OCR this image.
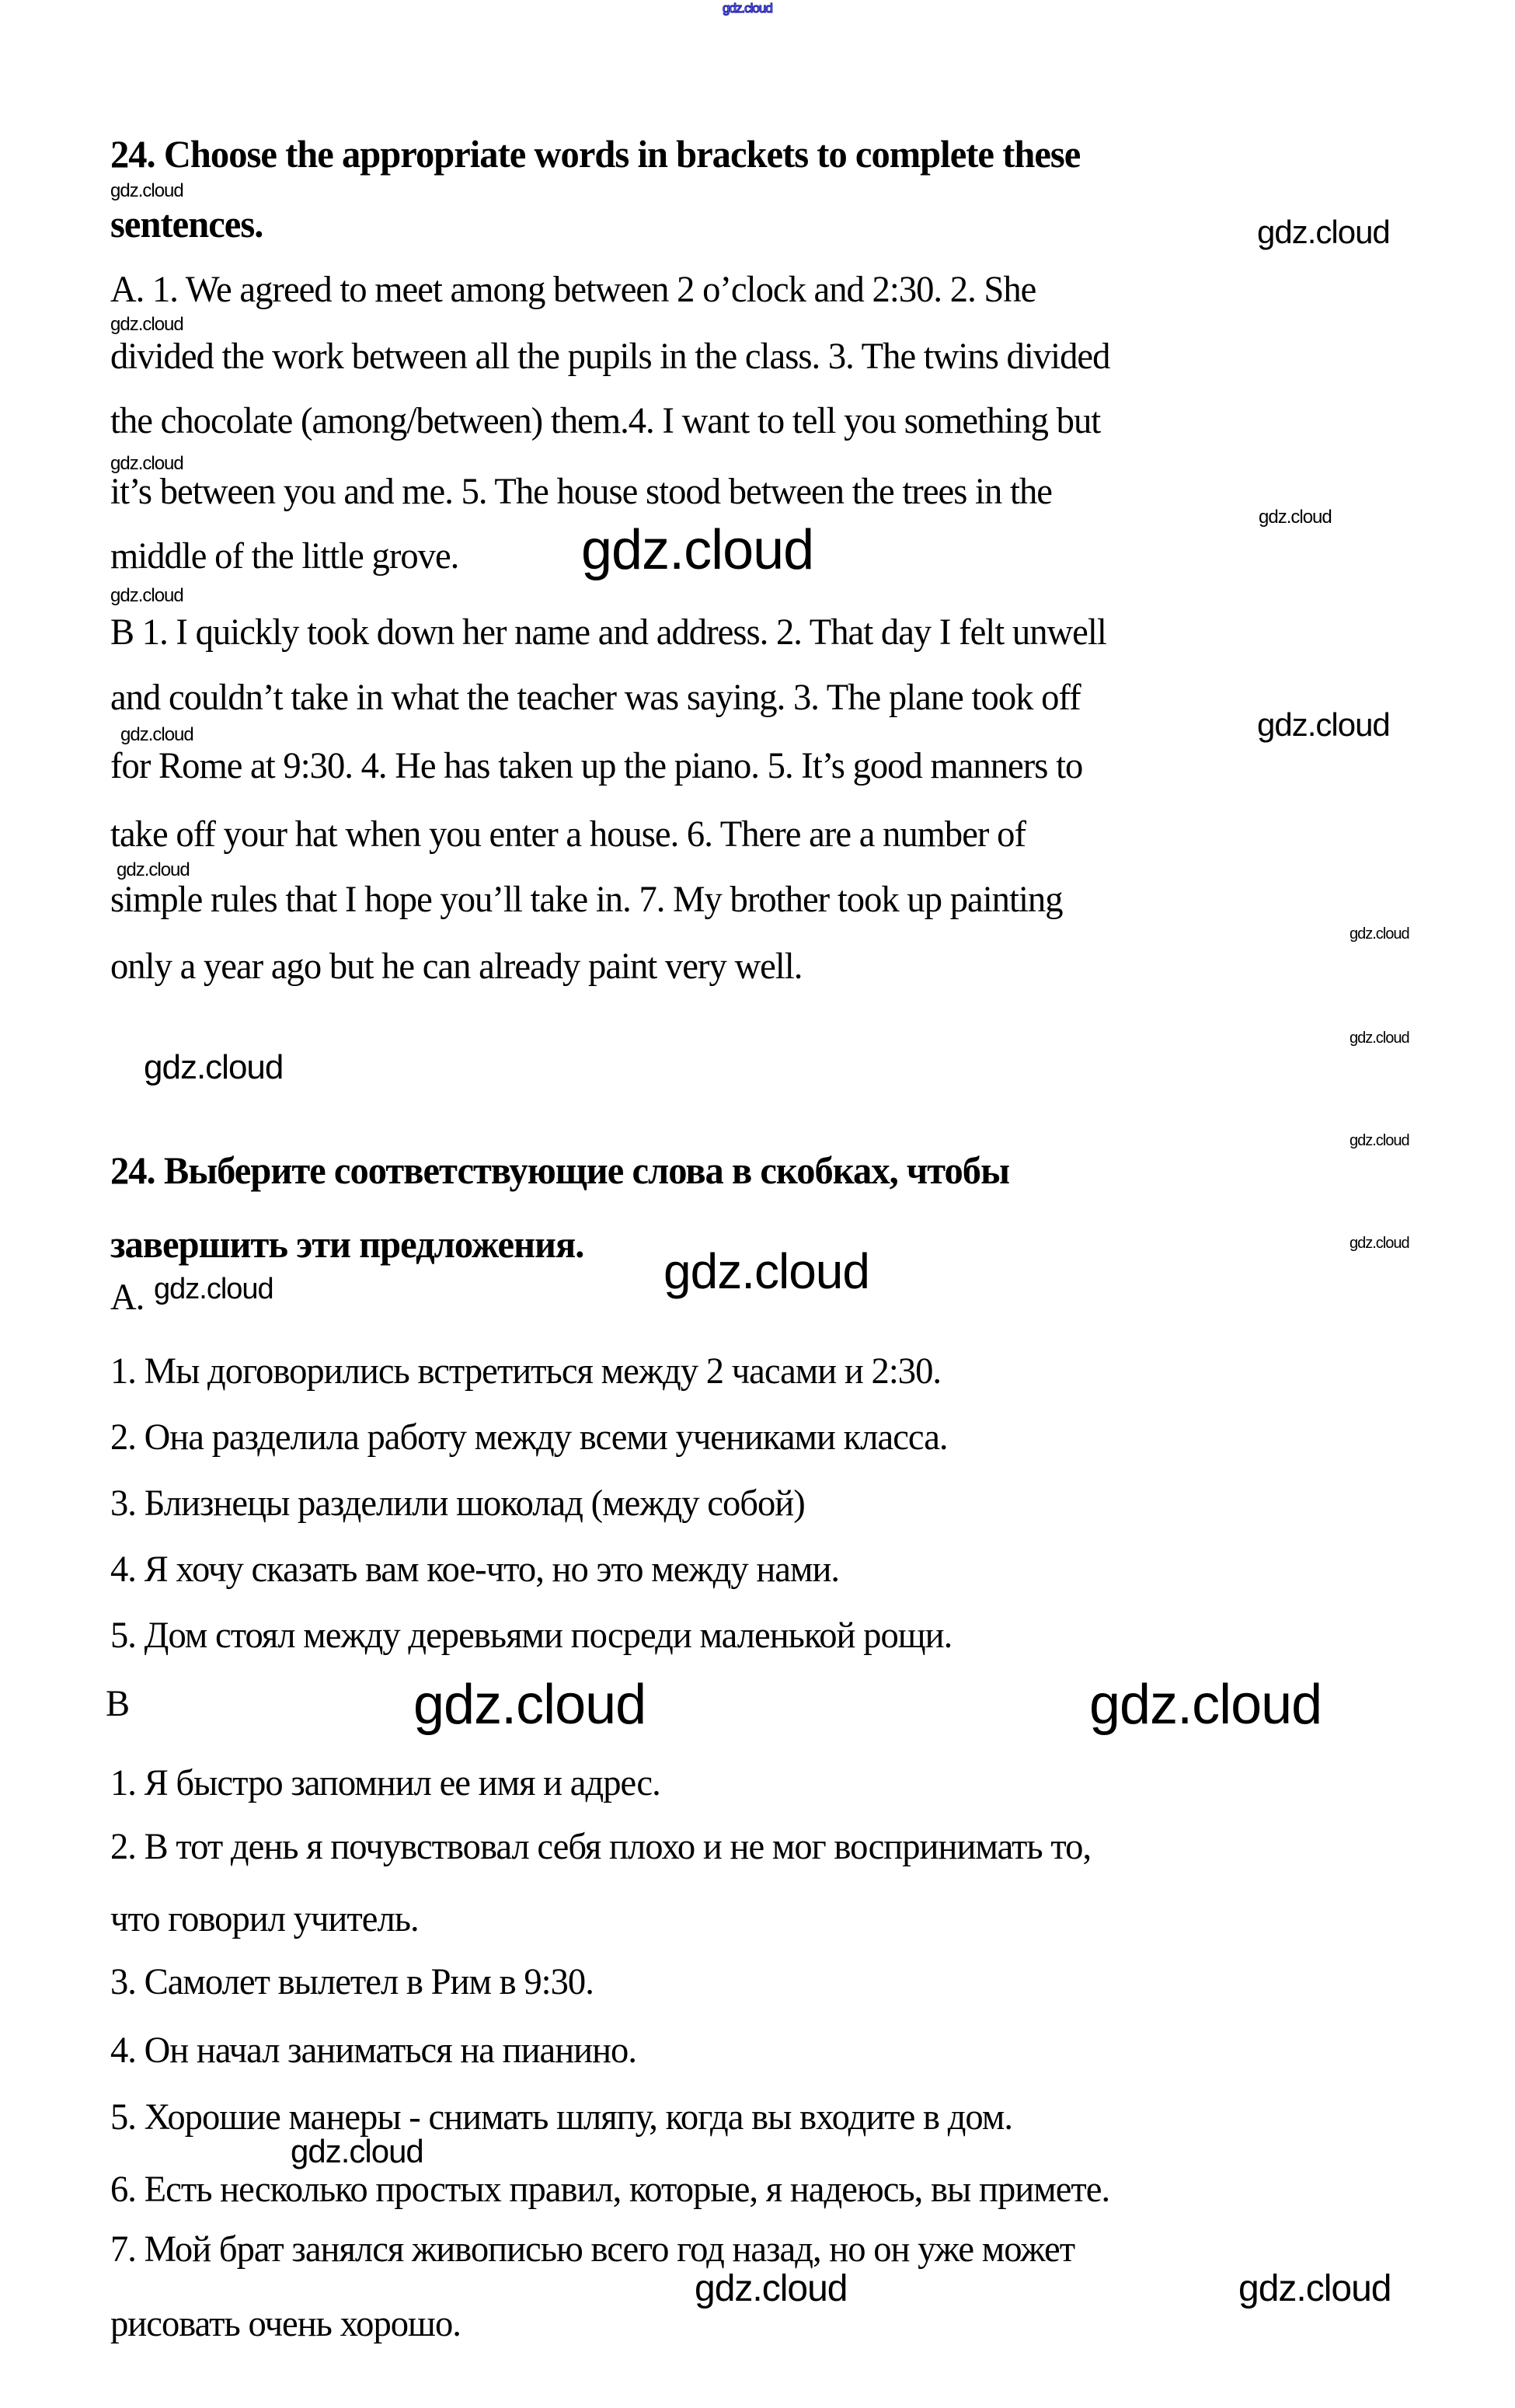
gdz.cloud
gdz.cloud
gdz.cloud
gdz.cloud
gdz.cloud
gdz.cloud
gdz.cloud
gdz.cloud
gdz.cloud
gdz.cloud
gdz.cloud
gdz.cloud
gdz.cloud
gdz.cloud
gdz.cloud
gdz.cloud
gdz.cloud
gdz.cloud
gdz.cloud	gdz.cloud
gdz.cloud
gdz.cloud	gdz.cloud
24. Choose the appropriate words in brackets to complete these
sentences.
A. 1. We agreed to meet among between 2 o’clock and 2:30. 2. She
divided the work between all the pupils in the class. 3. The twins divided
the chocolate (among/between) them.4. I want to tell you something but
it’s between you and me. 5. The house stood between the trees in the
middle of the little grove.
B 1. I quickly took down her name and address. 2. That day I felt unwell
and couldn’t take in what the teacher was saying. 3. The plane took off
for Rome at 9:30. 4. He has taken up the piano. 5. It’s good manners to
take off your hat when you enter a house. 6. There are a number of
simple rules that I hope you’ll take in. 7. My brother took up painting
only a year ago but he can already paint very well.
24. Выберите соответствующие слова в скобках, чтобы
завершить эти предложения.
А.
1. Мы договорились встретиться между 2 часами и 2:30.
2. Она разделила работу между всеми учениками класса.
3. Близнецы разделили шоколад (между собой)
4. Я хочу сказать вам кое-что, но это между нами.
5. Дом стоял между деревьями посреди маленькой рощи.
В
1. Я быстро запомнил ее имя и адрес.
2. В тот день я почувствовал себя плохо и не мог воспринимать то,
что говорил учитель.
3. Самолет вылетел в Рим в 9:30.
4. Он начал заниматься на пианино.
5. Хорошие манеры - снимать шляпу, когда вы входите в дом.
6. Есть несколько простых правил, которые, я надеюсь, вы примете.
7. Мой брат занялся живописью всего год назад, но он уже может
рисовать очень хорошо.
